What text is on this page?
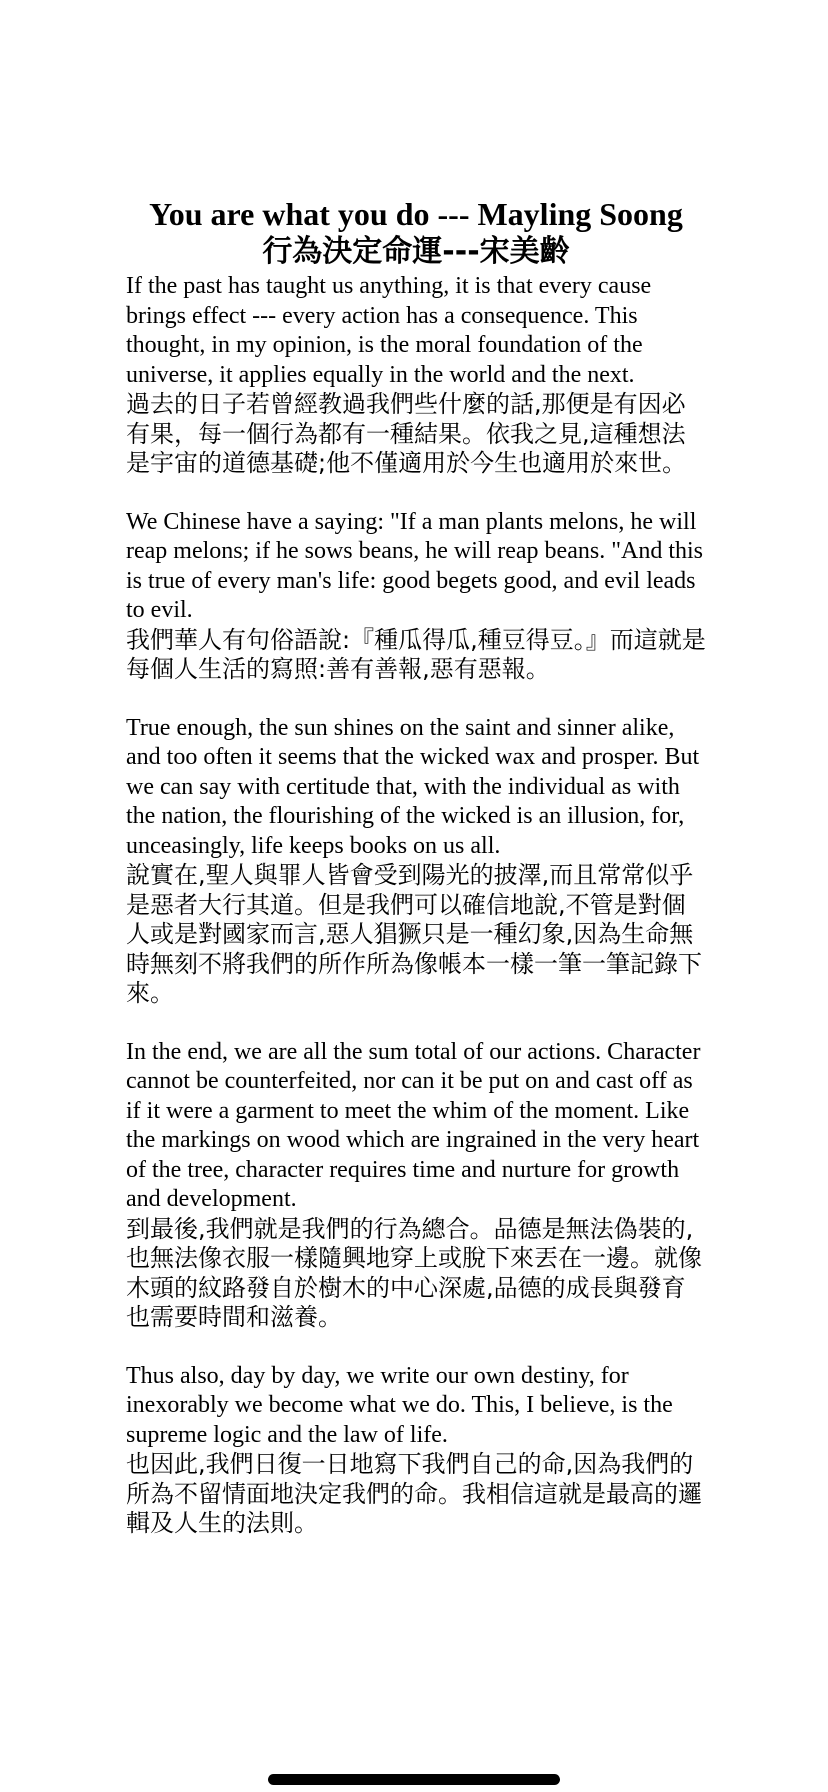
You are what you do --- Mayling Soong
行為決定命運---宋美齡
If the past has taught us anything, it is that every cause brings effect --- every action has a consequence. This thought, in my opinion, is the moral foundation of the universe, it applies equally in the world and the next.
過去的日子若曾經教過我們些什麼的話,那便是有因必有果，每一個行為都有一種結果。依我之見,這種想法是宇宙的道德基礎;他不僅適用於今生也適用於來世。
We Chinese have a saying: "If a man plants melons, he will reap melons; if he sows beans, he will reap beans. "And this is true of every man's life: good begets good, and evil leads to evil.
我們華人有句俗語說:『種瓜得瓜,種豆得豆。』而這就是每個人生活的寫照:善有善報,惡有惡報。
True enough, the sun shines on the saint and sinner alike, and too often it seems that the wicked wax and prosper. But we can say with certitude that, with the individual as with the nation, the flourishing of the wicked is an illusion, for, unceasingly, life keeps books on us all.
說實在,聖人與罪人皆會受到陽光的披澤,而且常常似乎是惡者大行其道。但是我們可以確信地說,不管是對個人或是對國家而言,惡人猖獗只是一種幻象,因為生命無時無刻不將我們的所作所為像帳本一樣一筆一筆記錄下來。
In the end, we are all the sum total of our actions. Character cannot be counterfeited, nor can it be put on and cast off as if it were a garment to meet the whim of the moment. Like the markings on wood which are ingrained in the very heart of the tree, character requires time and nurture for growth and development.
到最後,我們就是我們的行為總合。品德是無法偽裝的,也無法像衣服一樣隨興地穿上或脫下來丟在一邊。就像木頭的紋路發自於樹木的中心深處,品德的成長與發育也需要時間和滋養。
Thus also, day by day, we write our own destiny, for inexorably we become what we do. This, I believe, is the supreme logic and the law of life.
也因此,我們日復一日地寫下我們自己的命,因為我們的所為不留情面地決定我們的命。我相信這就是最高的邏輯及人生的法則。
